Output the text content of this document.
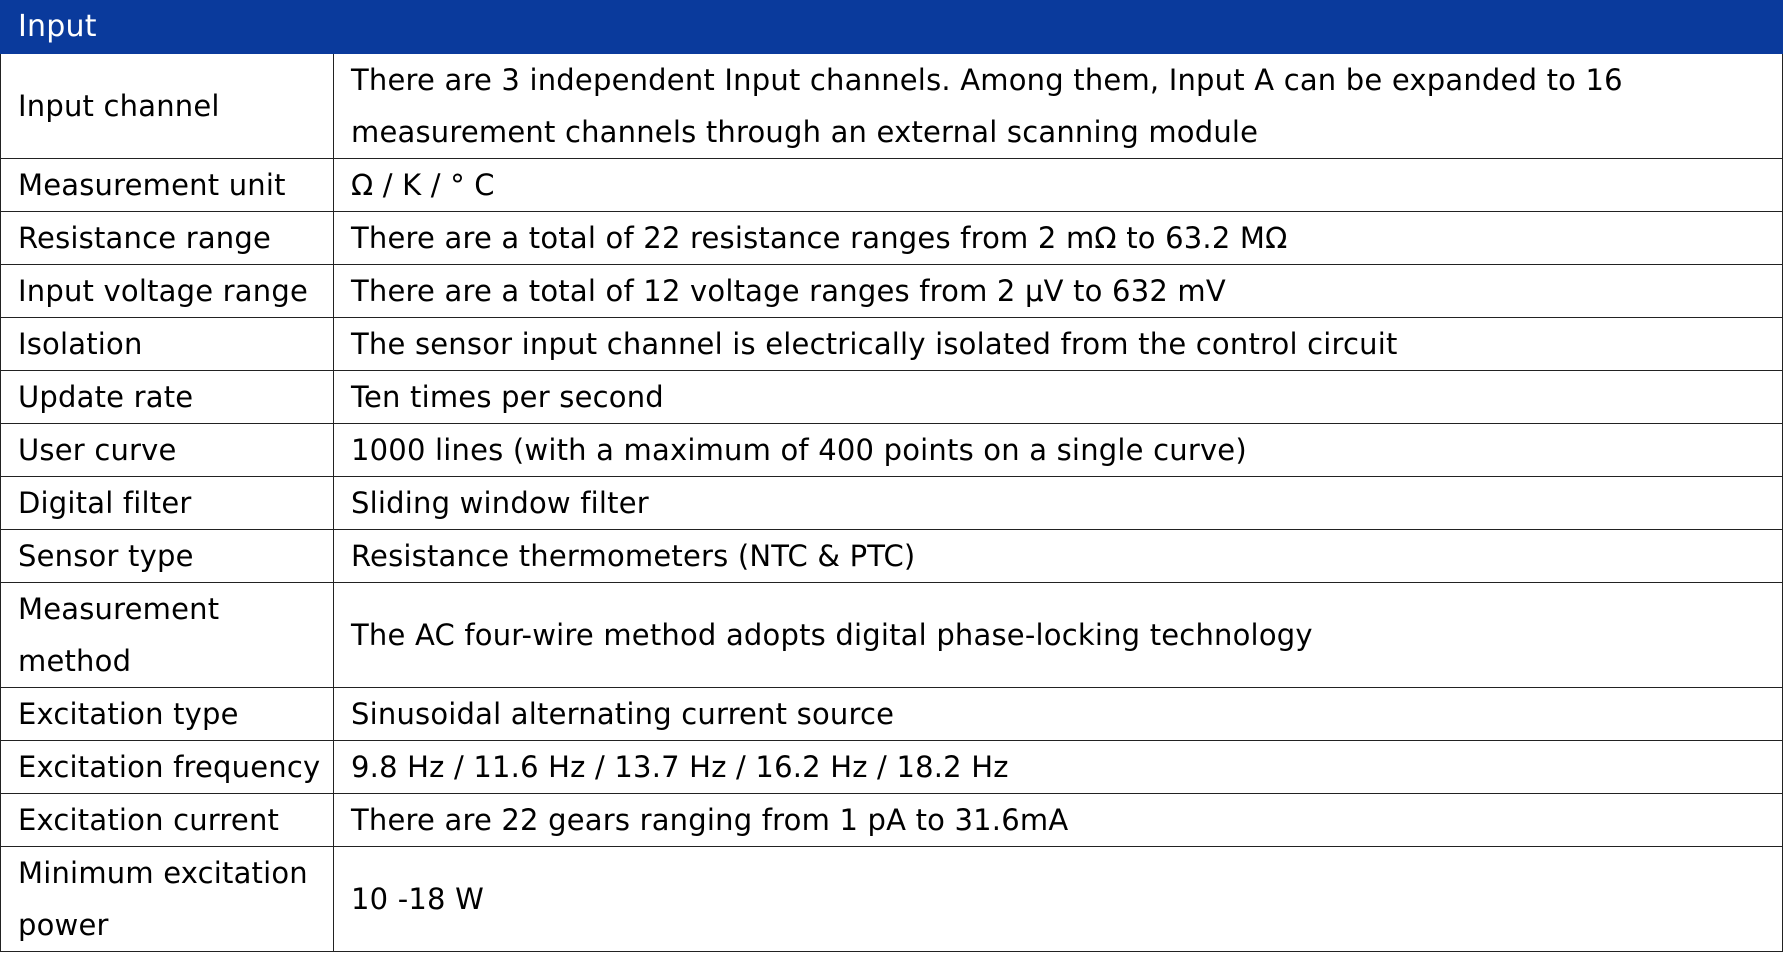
Input	
Input channel	There are 3 independent Input channels. Among them, Input A can be expanded to 16 measurement channels through an external scanning module
Measurement unit	Ω / K / ° C
Resistance range	There are a total of 22 resistance ranges from 2 mΩ to 63.2 MΩ
Input voltage range	There are a total of 12 voltage ranges from 2 μV to 632 mV
Isolation	The sensor input channel is electrically isolated from the control circuit
Update rate	Ten times per second
User curve	1000 lines (with a maximum of 400 points on a single curve)
Digital filter	Sliding window filter
Sensor type	Resistance thermometers (NTC & PTC)
Measurement method	The AC four-wire method adopts digital phase-locking technology
Excitation type	Sinusoidal alternating current source
Excitation frequency	9.8 Hz / 11.6 Hz / 13.7 Hz / 16.2 Hz / 18.2 Hz
Excitation current	There are 22 gears ranging from 1 pA to 31.6mA
Minimum excitation power	10 -18 W
